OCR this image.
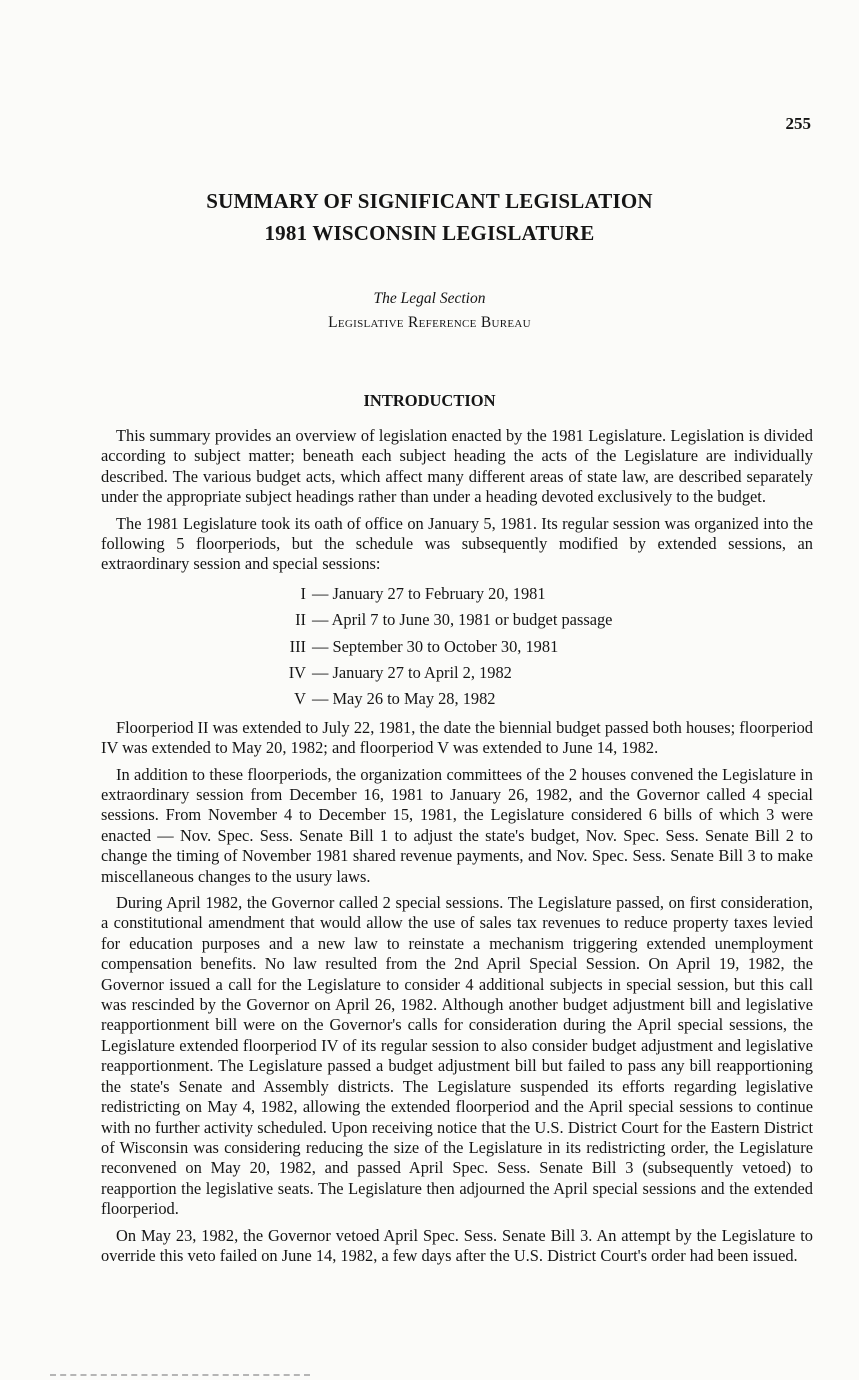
255
SUMMARY OF SIGNIFICANT LEGISLATION
1981 WISCONSIN LEGISLATURE
The Legal Section
Legislative Reference Bureau
INTRODUCTION

This summary provides an overview of legislation enacted by the 1981 Legislature. Legislation is divided according to subject matter; beneath each subject heading the acts of the Legislature are individually described. The various budget acts, which affect many different areas of state law, are described separately under the appropriate subject headings rather than under a heading devoted exclusively to the budget.

The 1981 Legislature took its oath of office on January 5, 1981. Its regular session was organized into the following 5 floorperiods, but the schedule was subsequently modified by extended sessions, an extraordinary session and special sessions:

I — January 27 to February 20, 1981
II — April 7 to June 30, 1981 or budget passage
III — September 30 to October 30, 1981
IV — January 27 to April 2, 1982
V — May 26 to May 28, 1982

Floorperiod II was extended to July 22, 1981, the date the biennial budget passed both houses; floorperiod IV was extended to May 20, 1982; and floorperiod V was extended to June 14, 1982.

In addition to these floorperiods, the organization committees of the 2 houses convened the Legislature in extraordinary session from December 16, 1981 to January 26, 1982, and the Governor called 4 special sessions. From November 4 to December 15, 1981, the Legislature considered 6 bills of which 3 were enacted — Nov. Spec. Sess. Senate Bill 1 to adjust the state's budget, Nov. Spec. Sess. Senate Bill 2 to change the timing of November 1981 shared revenue payments, and Nov. Spec. Sess. Senate Bill 3 to make miscellaneous changes to the usury laws.

During April 1982, the Governor called 2 special sessions. The Legislature passed, on first consideration, a constitutional amendment that would allow the use of sales tax revenues to reduce property taxes levied for education purposes and a new law to reinstate a mechanism triggering extended unemployment compensation benefits. No law resulted from the 2nd April Special Session. On April 19, 1982, the Governor issued a call for the Legislature to consider 4 additional subjects in special session, but this call was rescinded by the Governor on April 26, 1982. Although another budget adjustment bill and legislative reapportionment bill were on the Governor's calls for consideration during the April special sessions, the Legislature extended floorperiod IV of its regular session to also consider budget adjustment and legislative reapportionment. The Legislature passed a budget adjustment bill but failed to pass any bill reapportioning the state's Senate and Assembly districts. The Legislature suspended its efforts regarding legislative redistricting on May 4, 1982, allowing the extended floorperiod and the April special sessions to continue with no further activity scheduled. Upon receiving notice that the U.S. District Court for the Eastern District of Wisconsin was considering reducing the size of the Legislature in its redistricting order, the Legislature reconvened on May 20, 1982, and passed April Spec. Sess. Senate Bill 3 (subsequently vetoed) to reapportion the legislative seats. The Legislature then adjourned the April special sessions and the extended floorperiod.

On May 23, 1982, the Governor vetoed April Spec. Sess. Senate Bill 3. An attempt by the Legislature to override this veto failed on June 14, 1982, a few days after the U.S. District Court's order had been issued.
